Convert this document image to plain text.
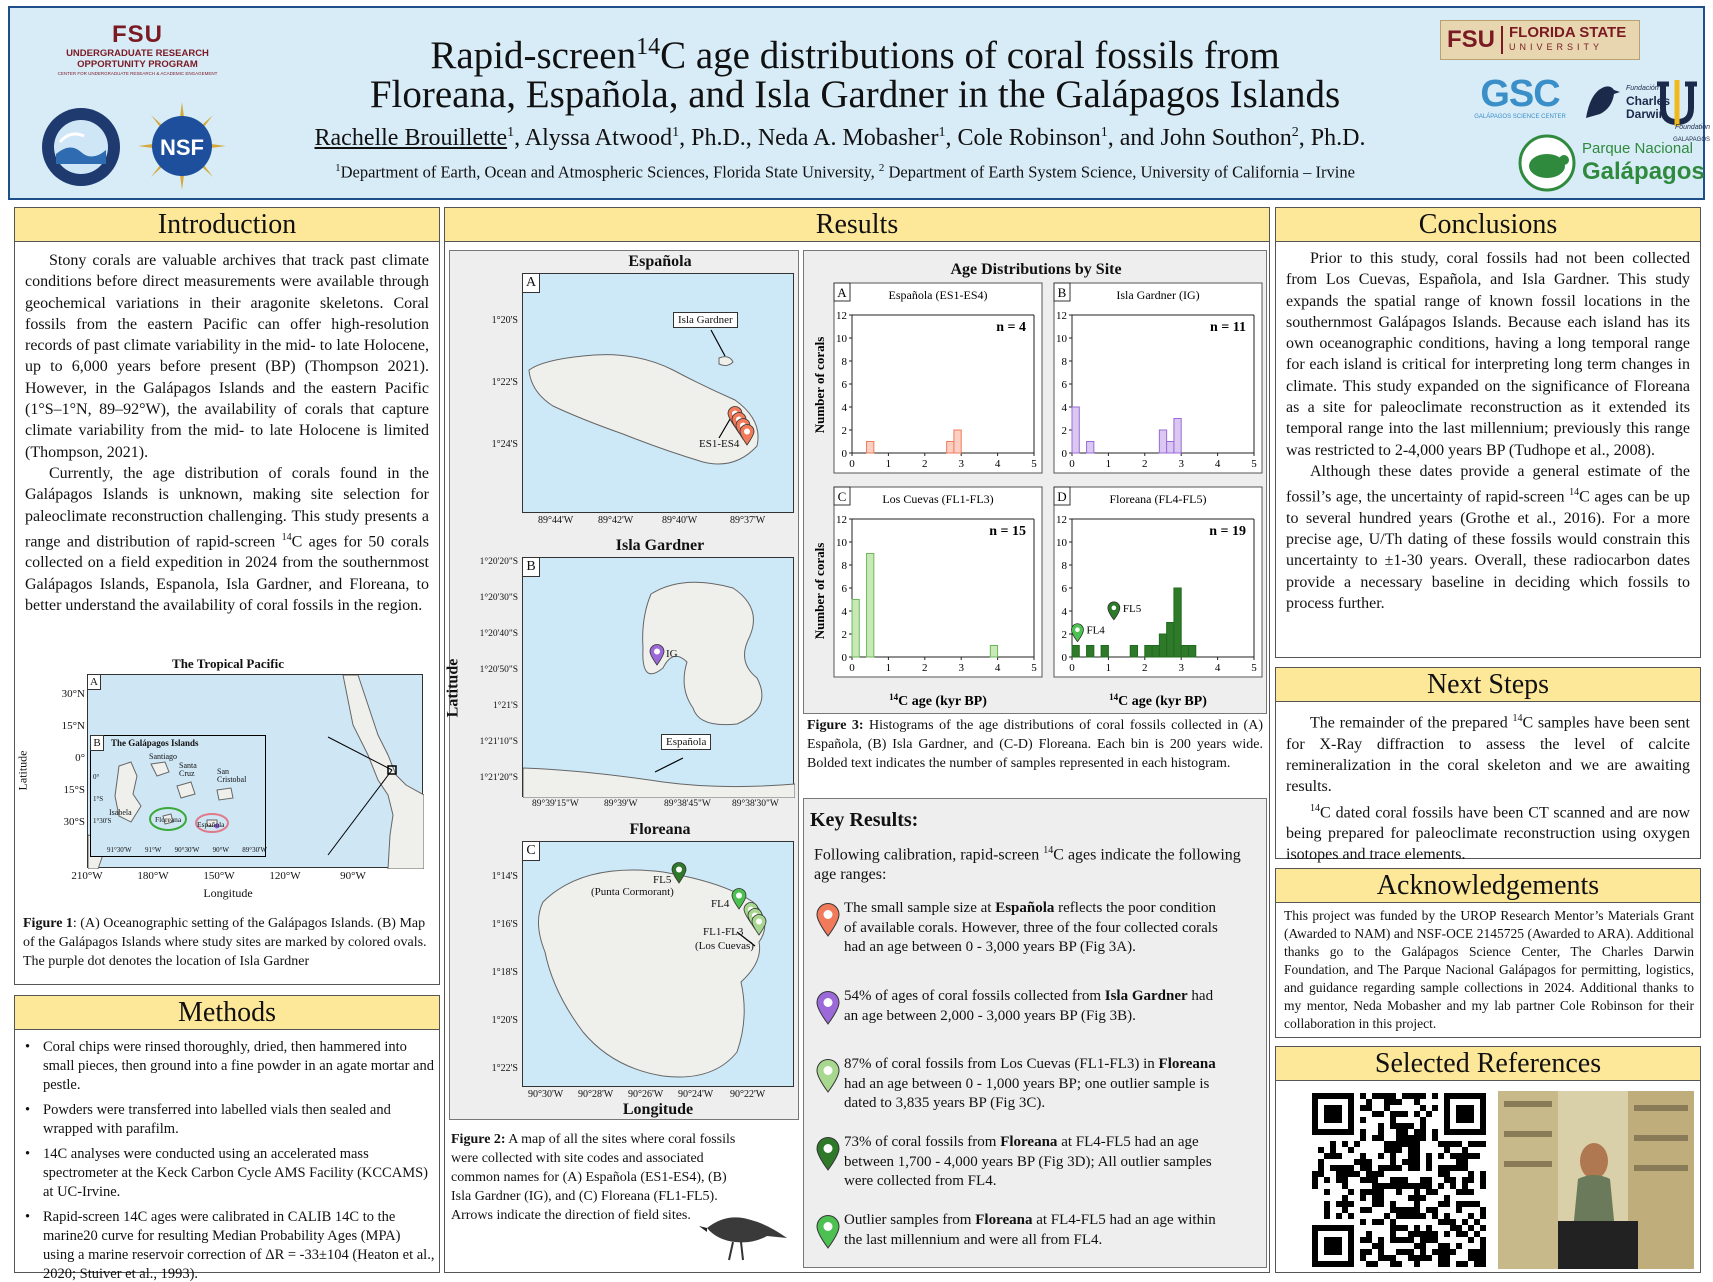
FSU
UNDERGRADUATE RESEARCH
OPPORTUNITY PROGRAM
CENTER FOR UNDERGRADUATE RESEARCH & ACADEMIC ENGAGEMENT
NSF
Rapid-screen$^{14}$C age distributions of coral fossils from
Floreana, Española, and Isla Gardner in the Galápagos Islands
Rachelle Brouillette$^1$, Alyssa Atwood$^1$, Ph.D., Neda A. Mobasher$^1$, Cole Robinson$^1$, and John Southon$^2$, Ph.D.
$^1$Department of Earth, Ocean and Atmospheric Sciences, Florida State University, $^2$ Department of Earth System Science, University of California – Irvine
FSU FLORIDA STATE
UNIVERSITY
GSC
GALÁPAGOS SCIENCE CENTER
Fundación
Charles Darwin
Foundation
GALAPAGOS
Parque Nacional
Galápagos
Introduction

Stony corals are valuable archives that track past climate conditions before direct measurements were available through geochemical variations in their aragonite skeletons. Coral fossils from the eastern Pacific can offer high-resolution records of past climate variability in the mid- to late Holocene, up to 6,000 years before present (BP) (Thompson 2021). However, in the Galápagos Islands and the eastern Pacific (1°S–1°N, 89–92°W), the availability of corals that capture climate variability from the mid- to late Holocene is limited (Thompson, 2021).

Currently, the age distribution of corals found in the Galápagos Islands is unknown, making site selection for paleoclimate reconstruction challenging. This study presents a range and distribution of rapid-screen $^{14}$C ages for 50 corals collected on a field expedition in 2024 from the southernmost Galápagos Islands, Espanola, Isla Gardner, and Floreana, to better understand the availability of coral fossils in the region.

The Tropical Pacific
Latitude
A
B	The Galápagos Islands
Santiago
Santa Cruz	San Cristobal
Isabela
Floreana
Española
0°
1°S
1°30'S
91°30'W 91°W 90°30'W 90°W 89°30'W
Longitude
30°N
15°N
0°
15°S
30°S
210°W	180°W	150°W	120°W	90°W
Figure 1: (A) Oceanographic setting of the Galápagos Islands. (B) Map of the Galápagos Islands where study sites are marked by colored ovals. The purple dot denotes the location of Isla Gardner
Methods
• Coral chips were rinsed thoroughly, dried, then hammered into small pieces, then ground into a fine powder in an agate mortar and pestle.
• Powders were transferred into labelled vials then sealed and wrapped with parafilm.
• 14C analyses were conducted using an accelerated mass spectrometer at the Keck Carbon Cycle AMS Facility (KCCAMS) at UC-Irvine.
• Rapid-screen 14C ages were calibrated in CALIB 14C to the marine20 curve for resulting Median Probability Ages (MPA) using a marine reservoir correction of ΔR = -33±104 (Heaton et al., 2020; Stuiver et al., 1993).
Results
Latitude
Española
A
Isla Gardner
ES1-ES4
1°20'S
1°22'S
1°24'S
89°44'W 89°42'W	89°40'W	89°37'W
Isla Gardner
B
Española
IG
1°20'20"S
1°20'30"S
1°20'40"S
1°20'50"S
1°21'S
1°21'10"S
1°21'20"S
89°39'15"W	89°39'W	89°38'45"W 89°38'30"W
Floreana
C
FL5
(Punta Cormorant)
FL4
FL1-FL3
(Los Cuevas)
1°14'S
1°16'S
1°18'S
1°20'S
1°22'S
90°30'W 90°28'W 90°26'W 90°24'W 90°22'W
Longitude
Figure 2: A map of all the sites where coral fossils were collected with site codes and associated common names for (A) Española (ES1-ES4), (B) Isla Gardner (IG), and (C) Floreana (FL1-FL5). Arrows indicate the direction of field sites.
Age Distributions by Site
A	Española (ES1-ES4)
0
2
4
6
8
10
12
0	1	2	3	4	5
n = 4
B	Isla Gardner (IG)
0
2
4
6
8
10
12
0	1	2	3	4	5
n = 11
C	Los Cuevas (FL1-FL3)
0
2
4
6
8
10
12
0	1	2	3	4	5
n = 15
D	Floreana (FL4-FL5)
0
2
4
6
8
10
12
0	1	2	3	4	5
n = 19
FL4
FL5
Number of corals
Number of corals
$^{14}$C age (kyr BP)	$^{14}$C age (kyr BP)
Figure 3: Histograms of the age distributions of coral fossils collected in (A) Española, (B) Isla Gardner, and (C-D) Floreana. Each bin is 200 years wide. Bolded text indicates the number of samples represented in each histogram.
Key Results:
Following calibration, rapid-screen $^{14}$C ages indicate the following age ranges:
The small sample size at Española reflects the poor condition of available corals. However, three of the four collected corals had an age between 0 - 3,000 years BP (Fig 3A).
54% of ages of coral fossils collected from Isla Gardner had an age between 2,000 - 3,000 years BP (Fig 3B).
87% of coral fossils from Los Cuevas (FL1-FL3) in Floreana had an age between 0 - 1,000 years BP; one outlier sample is dated to 3,835 years BP (Fig 3C).
73% of coral fossils from Floreana at FL4-FL5 had an age between 1,700 - 4,000 years BP (Fig 3D); All outlier samples were collected from FL4.
Outlier samples from Floreana at FL4-FL5 had an age within the last millennium and were all from FL4.
Conclusions

Prior to this study, coral fossils had not been collected from Los Cuevas, Española, and Isla Gardner. This study expands the spatial range of known fossil locations in the southernmost Galápagos Islands. Because each island has its own oceanographic conditions, having a long temporal range for each island is critical for interpreting long term changes in climate. This study expanded on the significance of Floreana as a site for paleoclimate reconstruction as it extended its temporal range into the last millennium; previously this range was restricted to 2-4,000 years BP (Tudhope et al., 2008).

Although these dates provide a general estimate of the fossil’s age, the uncertainty of rapid-screen $^{14}$C ages can be up to several hundred years (Grothe et al., 2016). For a more precise age, U/Th dating of these fossils would constrain this uncertainty to ±1-30 years. Overall, these radiocarbon dates provide a necessary baseline in deciding which fossils to process further.

Next Steps

The remainder of the prepared $^{14}$C samples have been sent for X-Ray diffraction to assess the level of calcite remineralization in the coral skeleton and we are awaiting results.

$^{14}$C dated coral fossils have been CT scanned and are now being prepared for paleoclimate reconstruction using oxygen isotopes and trace elements.

Acknowledgements
This project was funded by the UROP Research Mentor’s Materials Grant (Awarded to NAM) and NSF-OCE 2145725 (Awarded to ARA). Additional thanks go to the Galápagos Science Center, The Charles Darwin Foundation, and The Parque Nacional Galápagos for permitting, logistics, and guidance regarding sample collections in 2024. Additional thanks to my mentor, Neda Mobasher and my lab partner Cole Robinson for their collaboration in this project.
Selected References
